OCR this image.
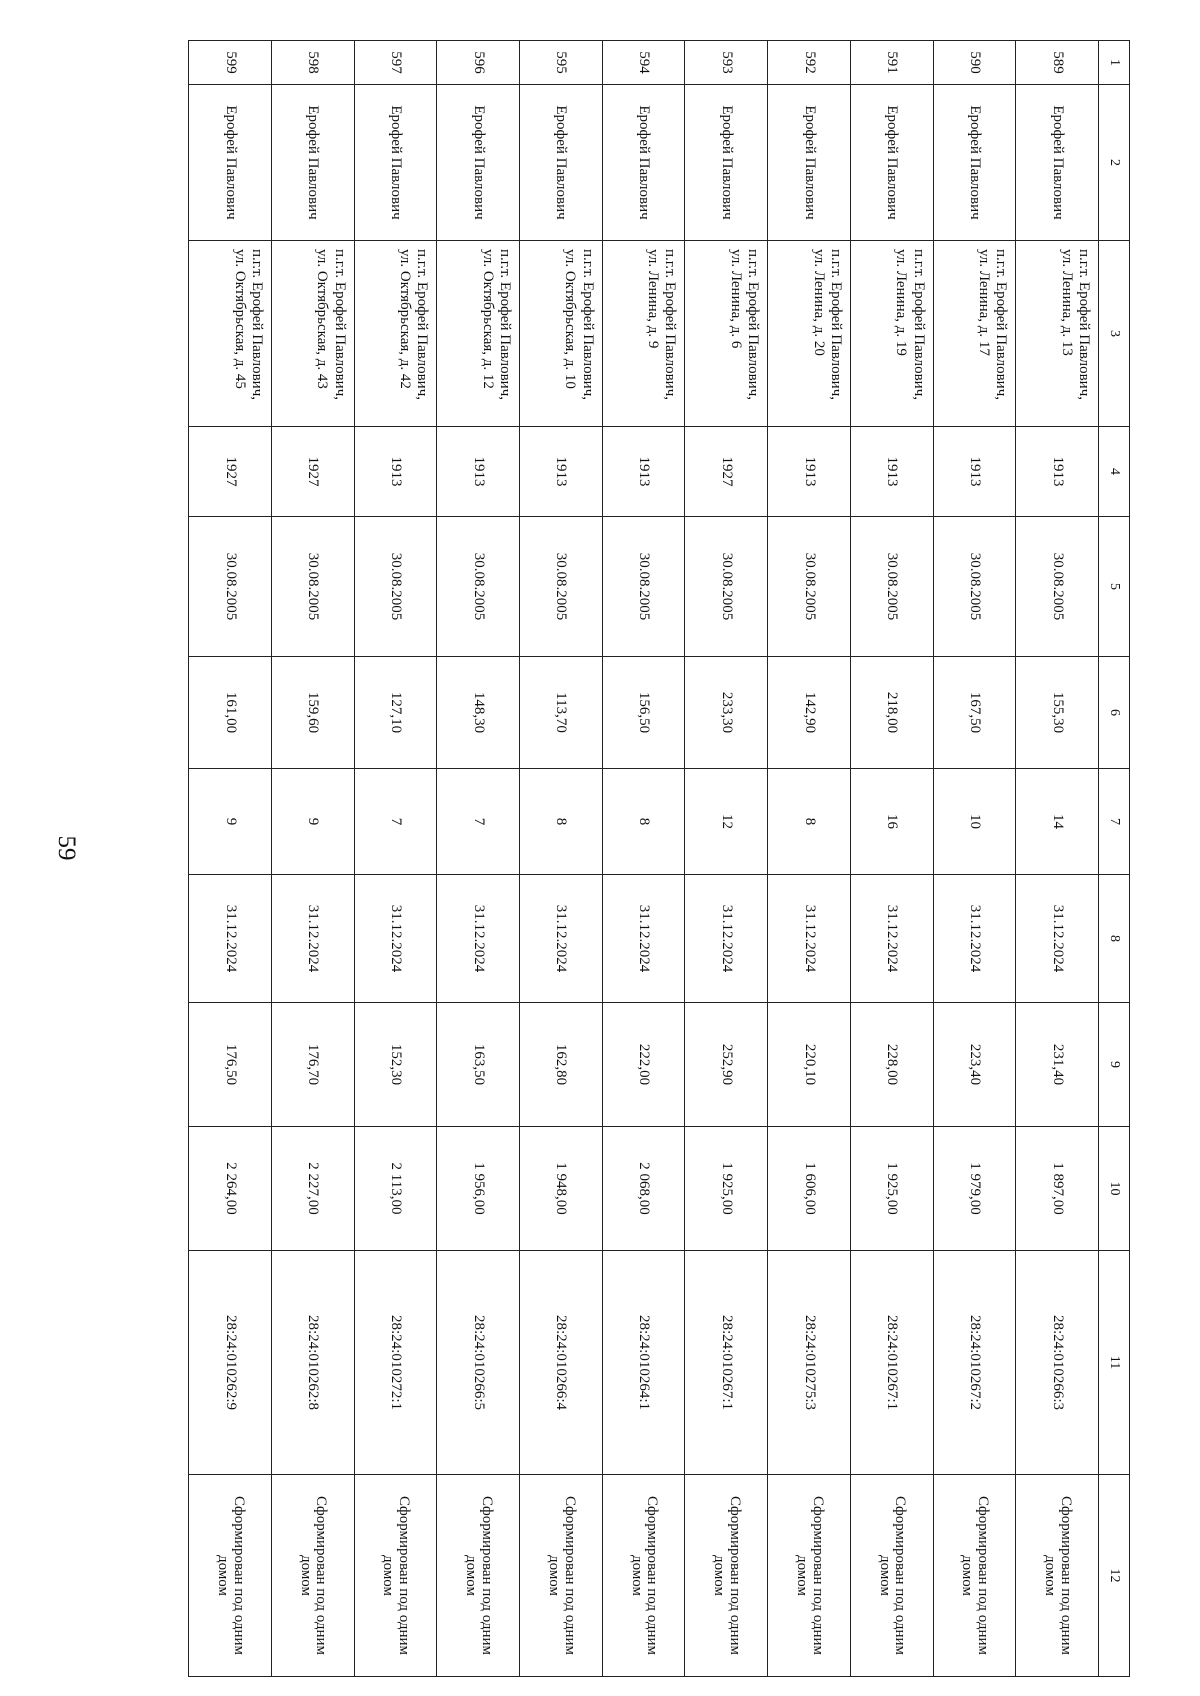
59
1	2	3	4	5	6	7	8	9	10	11	12
589	Ерофей Павлович	п.г.т. Ерофей Павлович, ул. Ленина, д. 13	1913	30.08.2005	155,30	14	31.12.2024	231,40	1 897,00	28:24:010266:3	Сформирован под одним домом
590	Ерофей Павлович	п.г.т. Ерофей Павлович, ул. Ленина, д. 17	1913	30.08.2005	167,50	10	31.12.2024	223,40	1 979,00	28:24:010267:2	Сформирован под одним домом
591	Ерофей Павлович	п.г.т. Ерофей Павлович, ул. Ленина, д. 19	1913	30.08.2005	218,00	16	31.12.2024	228,00	1 925,00	28:24:010267:1	Сформирован под одним домом
592	Ерофей Павлович	п.г.т. Ерофей Павлович, ул. Ленина, д. 20	1913	30.08.2005	142,90	8	31.12.2024	220,10	1 606,00	28:24:010275:3	Сформирован под одним домом
593	Ерофей Павлович	п.г.т. Ерофей Павлович, ул. Ленина, д. 6	1927	30.08.2005	233,30	12	31.12.2024	252,90	1 925,00	28:24:010267:1	Сформирован под одним домом
594	Ерофей Павлович	п.г.т. Ерофей Павлович, ул. Ленина, д. 9	1913	30.08.2005	156,50	8	31.12.2024	222,00	2 068,00	28:24:010264:1	Сформирован под одним домом
595	Ерофей Павлович	п.г.т. Ерофей Павлович, ул. Октябрьская, д. 10	1913	30.08.2005	113,70	8	31.12.2024	162,80	1 948,00	28:24:010266:4	Сформирован под одним домом
596	Ерофей Павлович	п.г.т. Ерофей Павлович, ул. Октябрьская, д. 12	1913	30.08.2005	148,30	7	31.12.2024	163,50	1 956,00	28:24:010266:5	Сформирован под одним домом
597	Ерофей Павлович	п.г.т. Ерофей Павлович, ул. Октябрьская, д. 42	1913	30.08.2005	127,10	7	31.12.2024	152,30	2 113,00	28:24:010272:1	Сформирован под одним домом
598	Ерофей Павлович	п.г.т. Ерофей Павлович, ул. Октябрьская, д. 43	1927	30.08.2005	159,60	9	31.12.2024	176,70	2 227,00	28:24:010262:8	Сформирован под одним домом
599	Ерофей Павлович	п.г.т. Ерофей Павлович, ул. Октябрьская, д. 45	1927	30.08.2005	161,00	9	31.12.2024	176,50	2 264,00	28:24:010262:9	Сформирован под одним домом
